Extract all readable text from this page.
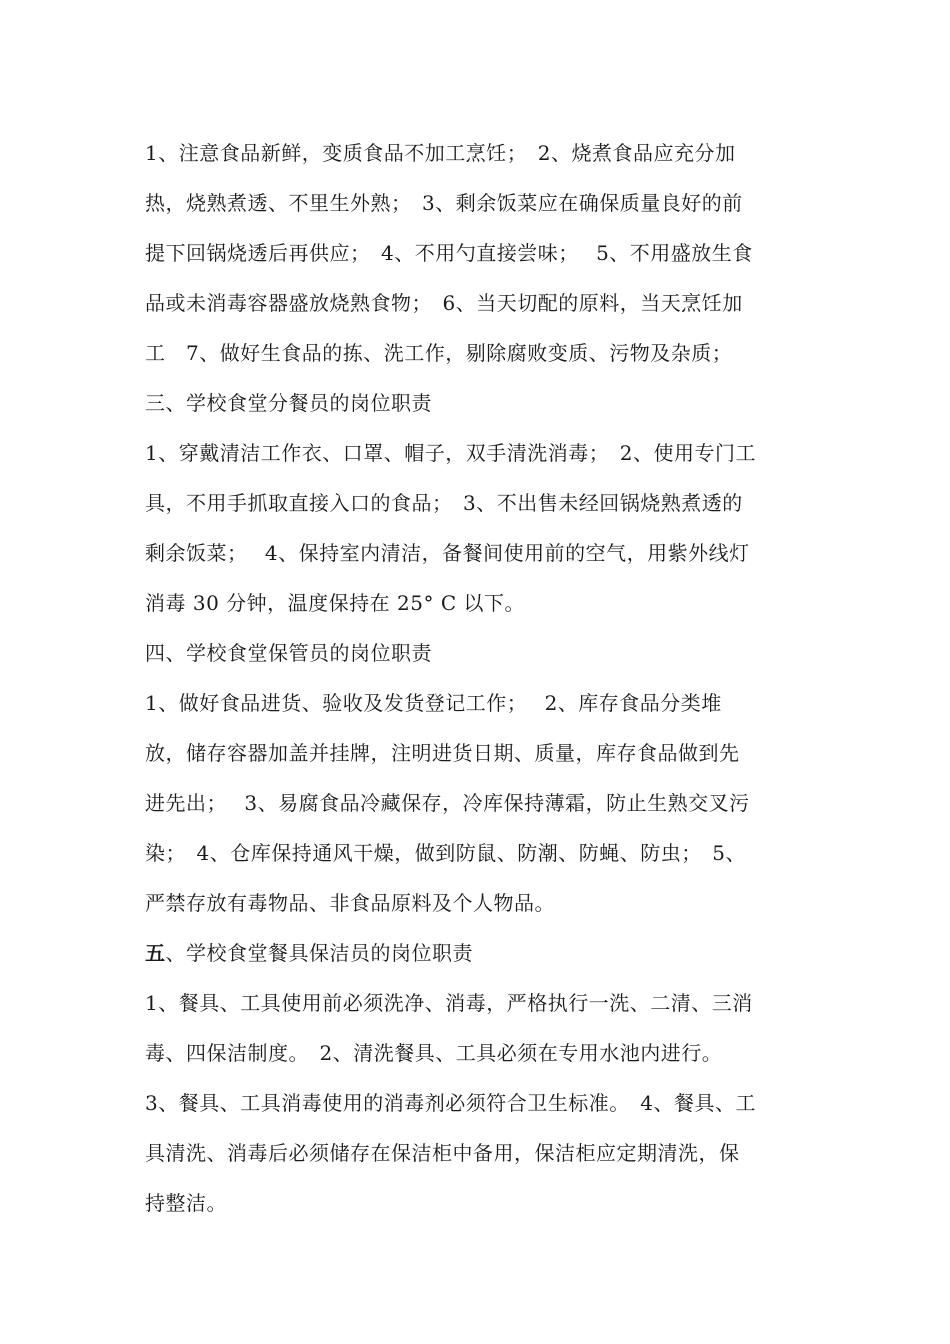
1、注意食品新鲜，变质食品不加工烹饪；　2、烧煮食品应充分加
热，烧熟煮透、不里生外熟；　3、剩余饭菜应在确保质量良好的前
提下回锅烧透后再供应；　4、不用勺直接尝味；　 5、不用盛放生食
品或未消毒容器盛放烧熟食物；　6、当天切配的原料，当天烹饪加
工　7、做好生食品的拣、洗工作，剔除腐败变质、污物及杂质；
三、学校食堂分餐员的岗位职责
1、穿戴清洁工作衣、口罩、帽子，双手清洗消毒；　2、使用专门工
具，不用手抓取直接入口的食品；　3、不出售未经回锅烧熟煮透的
剩余饭菜；　 4、保持室内清洁，备餐间使用前的空气，用紫外线灯
消毒 30 分钟，温度保持在 25° C 以下。
四、学校食堂保管员的岗位职责
1、做好食品进货、验收及发货登记工作；　 2、库存食品分类堆
放，储存容器加盖并挂牌，注明进货日期、质量，库存食品做到先
进先出；　 3、易腐食品冷藏保存，冷库保持薄霜，防止生熟交叉污
染；　4、仓库保持通风干燥，做到防鼠、防潮、防蝇、防虫；　5、
严禁存放有毒物品、非食品原料及个人物品。
五、学校食堂餐具保洁员的岗位职责
1、餐具、工具使用前必须洗净、消毒，严格执行一洗、二清、三消
毒、四保洁制度。　2、清洗餐具、工具必须在专用水池内进行。
3、餐具、工具消毒使用的消毒剂必须符合卫生标准。　4、餐具、工
具清洗、消毒后必须储存在保洁柜中备用，保洁柜应定期清洗，保
持整洁。
